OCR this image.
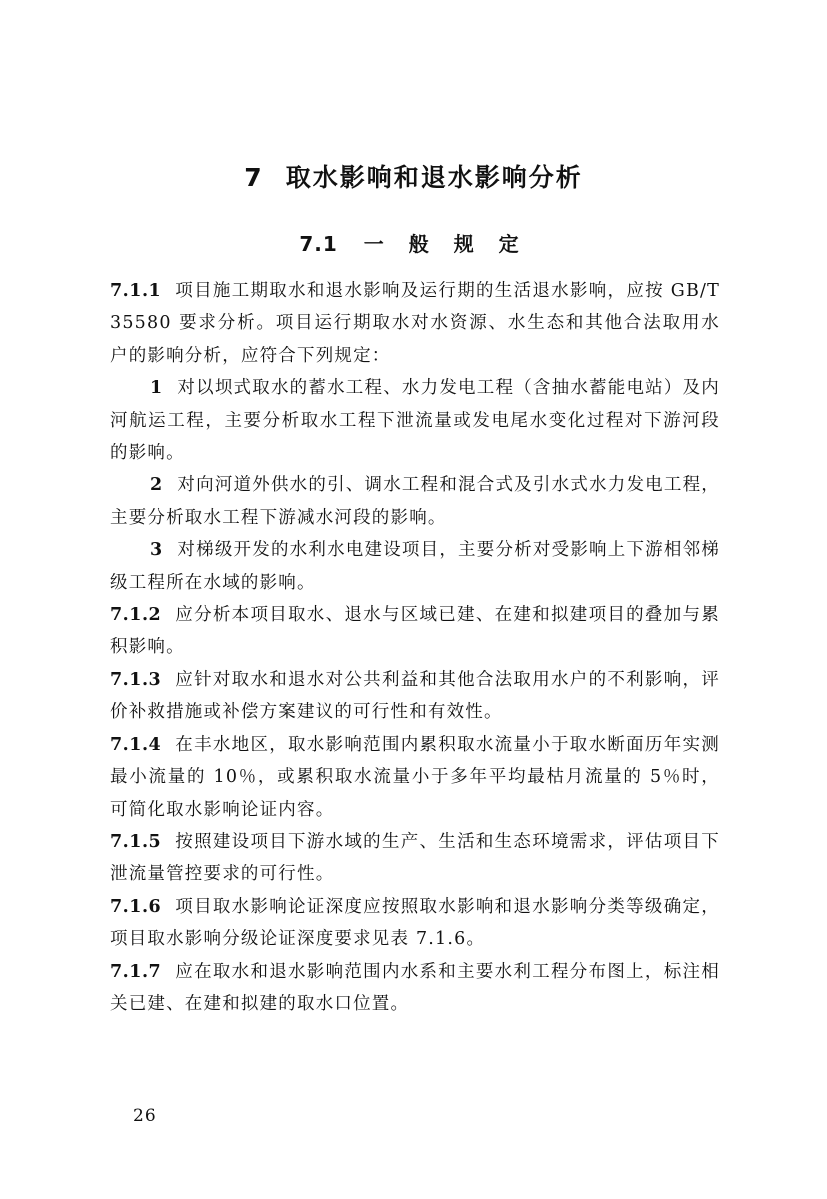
7 取水影响和退水影响分析
7.1 一 般 规 定

7.1.1 项目施工期取水和退水影响及运行期的生活退水影响，应按 GB/T 35580 要求分析。项目运行期取水对水资源、水生态和其他合法取用水户的影响分析，应符合下列规定：

1 对以坝式取水的蓄水工程、水力发电工程（含抽水蓄能电站）及内河航运工程，主要分析取水工程下泄流量或发电尾水变化过程对下游河段的影响。

2 对向河道外供水的引、调水工程和混合式及引水式水力发电工程，主要分析取水工程下游减水河段的影响。

3 对梯级开发的水利水电建设项目，主要分析对受影响上下游相邻梯级工程所在水域的影响。

7.1.2 应分析本项目取水、退水与区域已建、在建和拟建项目的叠加与累积影响。

7.1.3 应针对取水和退水对公共利益和其他合法取用水户的不利影响，评价补救措施或补偿方案建议的可行性和有效性。

7.1.4 在丰水地区，取水影响范围内累积取水流量小于取水断面历年实测最小流量的 10％，或累积取水流量小于多年平均最枯月流量的 5％时，可简化取水影响论证内容。

7.1.5 按照建设项目下游水域的生产、生活和生态环境需求，评估项目下泄流量管控要求的可行性。

7.1.6 项目取水影响论证深度应按照取水影响和退水影响分类等级确定，项目取水影响分级论证深度要求见表 7.1.6。

7.1.7 应在取水和退水影响范围内水系和主要水利工程分布图上，标注相关已建、在建和拟建的取水口位置。

26
